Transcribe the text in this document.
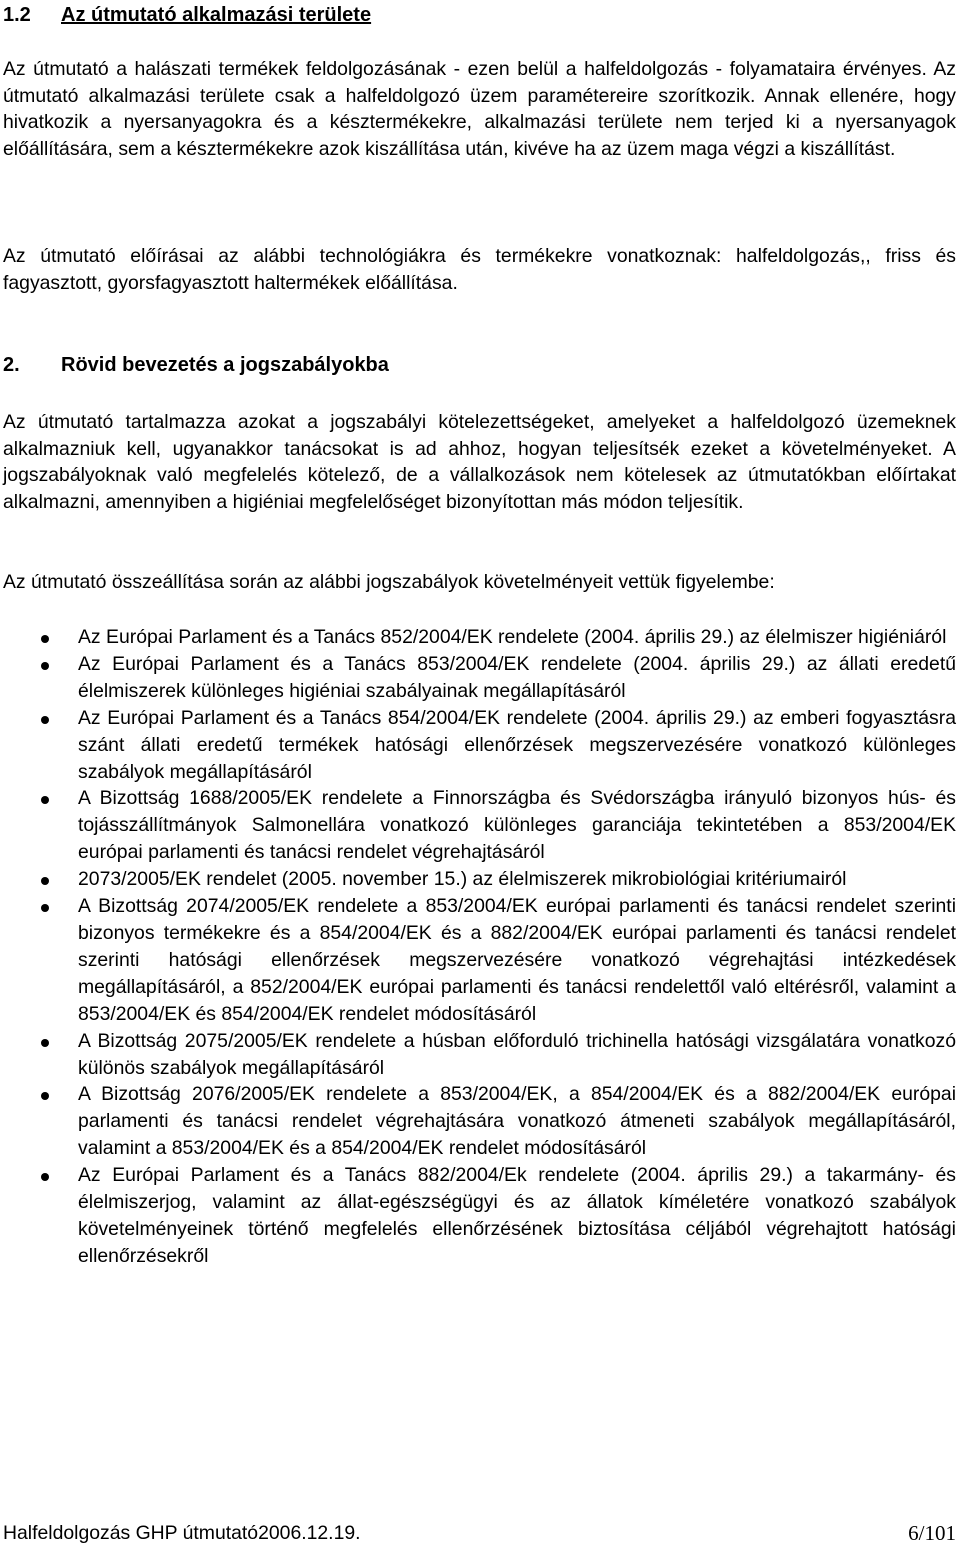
1.2 Az útmutató alkalmazási területe

Az útmutató a halászati termékek feldolgozásának - ezen belül a halfeldolgozás - folyamataira érvényes. Az útmutató alkalmazási területe csak a halfeldolgozó üzem paramétereire szorítkozik. Annak ellenére, hogy hivatkozik a nyersanyagokra és a késztermékekre, alkalmazási területe nem terjed ki a nyersanyagok előállítására, sem a késztermékekre azok kiszállítása után, kivéve ha az üzem maga végzi a kiszállítást.

Az útmutató előírásai az alábbi technológiákra és termékekre vonatkoznak: halfeldolgozás,, friss és fagyasztott, gyorsfagyasztott haltermékek előállítása.

2. Rövid bevezetés a jogszabályokba

Az útmutató tartalmazza azokat a jogszabályi kötelezettségeket, amelyeket a halfeldolgozó üzemeknek alkalmazniuk kell, ugyanakkor tanácsokat is ad ahhoz, hogyan teljesítsék ezeket a követelményeket. A jogszabályoknak való megfelelés kötelező, de a vállalkozások nem kötelesek az útmutatókban előírtakat alkalmazni, amennyiben a higiéniai megfelelőséget bizonyítottan más módon teljesítik.

Az útmutató összeállítása során az alábbi jogszabályok követelményeit vettük figyelembe:

Az Európai Parlament és a Tanács 852/2004/EK rendelete (2004. április 29.) az élelmiszer higiéniáról
Az Európai Parlament és a Tanács 853/2004/EK rendelete (2004. április 29.) az állati eredetű élelmiszerek különleges higiéniai szabályainak megállapításáról
Az Európai Parlament és a Tanács 854/2004/EK rendelete (2004. április 29.) az emberi fogyasztásra szánt állati eredetű termékek hatósági ellenőrzések megszervezésére vonatkozó különleges szabályok megállapításáról
A Bizottság 1688/2005/EK rendelete a Finnországba és Svédországba irányuló bizonyos hús- és tojásszállítmányok Salmonellára vonatkozó különleges garanciája tekintetében a 853/2004/EK európai parlamenti és tanácsi rendelet végrehajtásáról
2073/2005/EK rendelet (2005. november 15.) az élelmiszerek mikrobiológiai kritériumairól
A Bizottság 2074/2005/EK rendelete a 853/2004/EK európai parlamenti és tanácsi rendelet szerinti bizonyos termékekre és a 854/2004/EK és a 882/2004/EK európai parlamenti és tanácsi rendelet szerinti hatósági ellenőrzések megszervezésére vonatkozó végrehajtási intézkedések megállapításáról, a 852/2004/EK európai parlamenti és tanácsi rendelettől való eltérésről, valamint a 853/2004/EK és 854/2004/EK rendelet módosításáról
A Bizottság 2075/2005/EK rendelete a húsban előforduló trichinella hatósági vizsgálatára vonatkozó különös szabályok megállapításáról
A Bizottság 2076/2005/EK rendelete a 853/2004/EK, a 854/2004/EK és a 882/2004/EK európai parlamenti és tanácsi rendelet végrehajtására vonatkozó átmeneti szabályok megállapításáról, valamint a 853/2004/EK és a 854/2004/EK rendelet módosításáról
Az Európai Parlament és a Tanács 882/2004/Ek rendelete (2004. április 29.) a takarmány- és élelmiszerjog, valamint az állat-egészségügyi és az állatok kíméletére vonatkozó szabályok követelményeinek történő megfelelés ellenőrzésének biztosítása céljából végrehajtott hatósági ellenőrzésekről
Halfeldolgozás GHP útmutató2006.12.19.	6/101
